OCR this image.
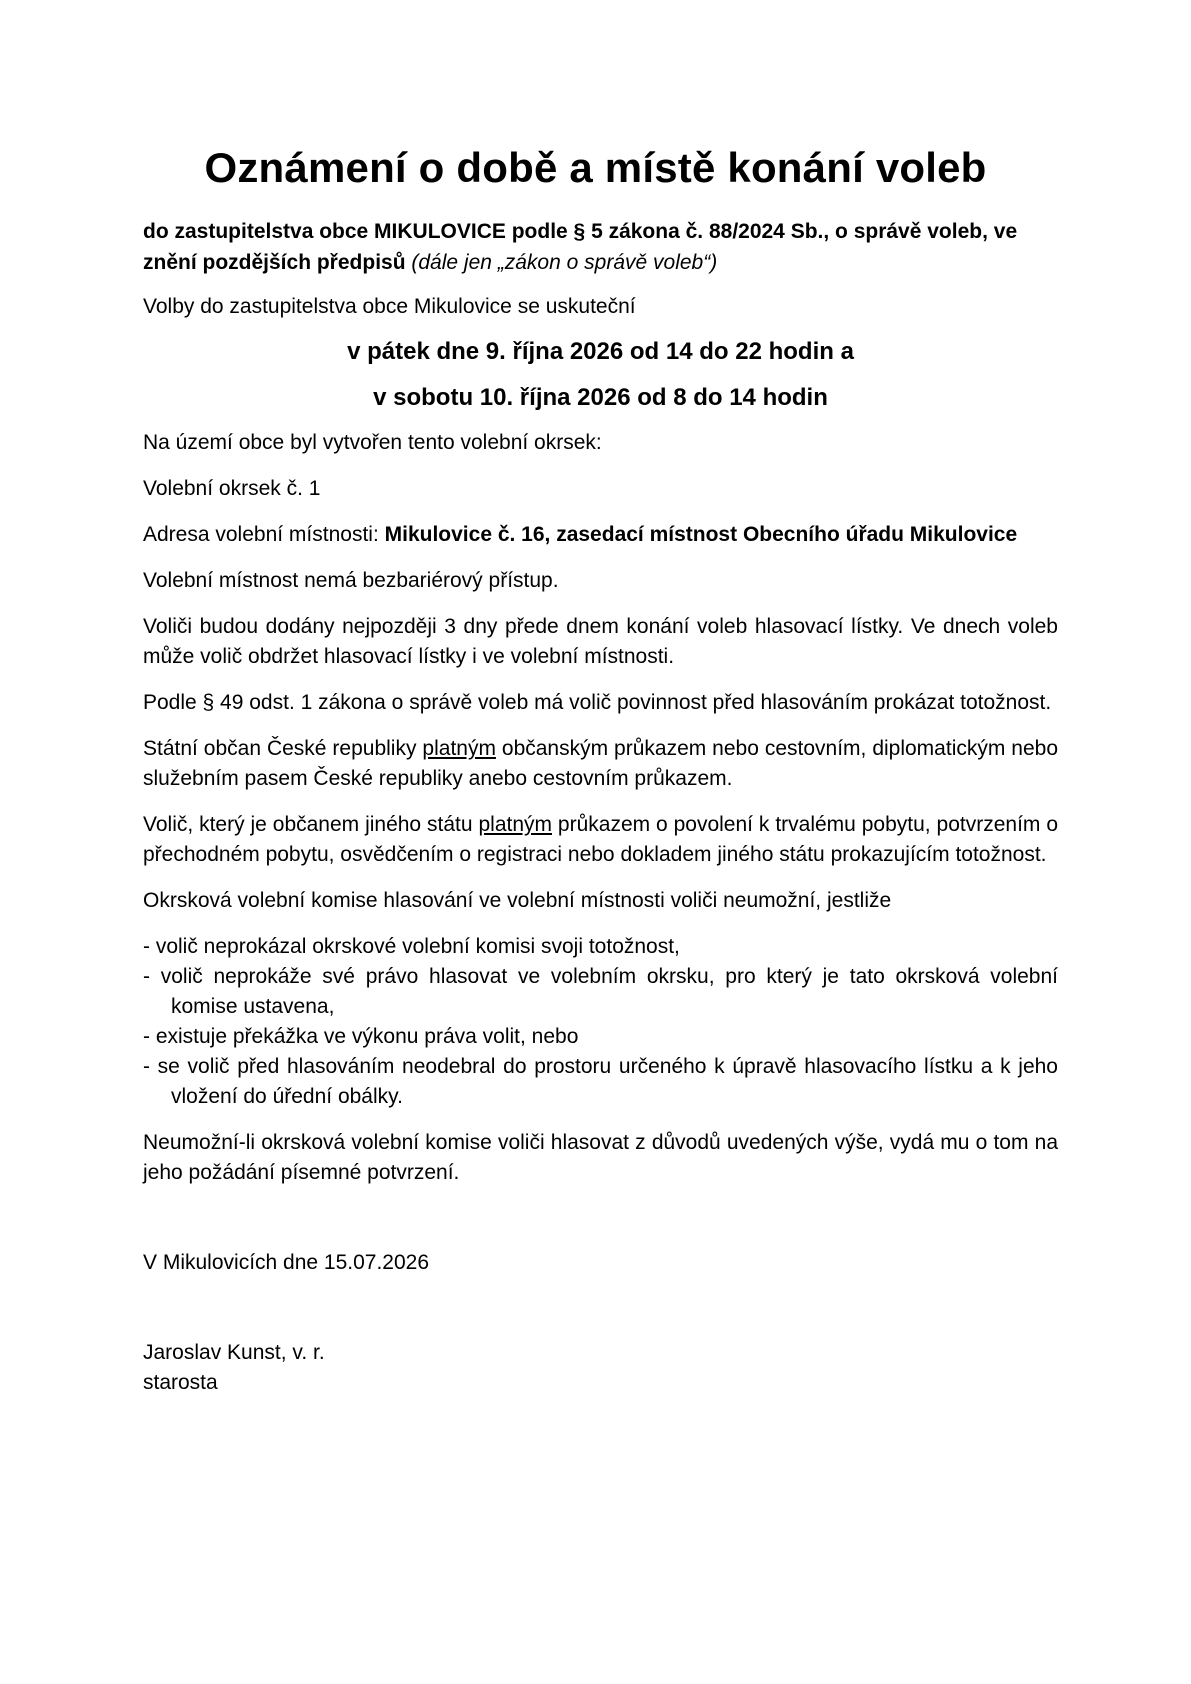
Oznámení o době a místě konání voleb

do zastupitelstva obce MIKULOVICE podle § 5 zákona č. 88/2024 Sb., o správě voleb, ve znění pozdějších předpisů (dále jen „zákon o správě voleb“)

Volby do zastupitelstva obce Mikulovice se uskuteční

v pátek dne 9. října 2026 od 14 do 22 hodin a

v sobotu 10. října 2026 od 8 do 14 hodin

Na území obce byl vytvořen tento volební okrsek:

Volební okrsek č. 1

Adresa volební místnosti: Mikulovice č. 16, zasedací místnost Obecního úřadu Mikulovice

Volební místnost nemá bezbariérový přístup.

Voliči budou dodány nejpozději 3 dny přede dnem konání voleb hlasovací lístky. Ve dnech voleb může volič obdržet hlasovací lístky i ve volební místnosti.

Podle § 49 odst. 1 zákona o správě voleb má volič povinnost před hlasováním prokázat totožnost.

Státní občan České republiky platným občanským průkazem nebo cestovním, diplomatickým nebo služebním pasem České republiky anebo cestovním průkazem.

Volič, který je občanem jiného státu platným průkazem o povolení k trvalému pobytu, potvrzením o přechodném pobytu, osvědčením o registraci nebo dokladem jiného státu prokazujícím totožnost.

Okrsková volební komise hlasování ve volební místnosti voliči neumožní, jestliže

- volič neprokázal okrskové volební komisi svoji totožnost,
- volič neprokáže své právo hlasovat ve volebním okrsku, pro který je tato okrsková volební komise ustavena,
- existuje překážka ve výkonu práva volit, nebo
- se volič před hlasováním neodebral do prostoru určeného k úpravě hlasovacího lístku a k jeho vložení do úřední obálky.

Neumožní-li okrsková volební komise voliči hlasovat z důvodů uvedených výše, vydá mu o tom na jeho požádání písemné potvrzení.

V Mikulovicích dne 15.07.2026

Jaroslav Kunst, v. r.

starosta
